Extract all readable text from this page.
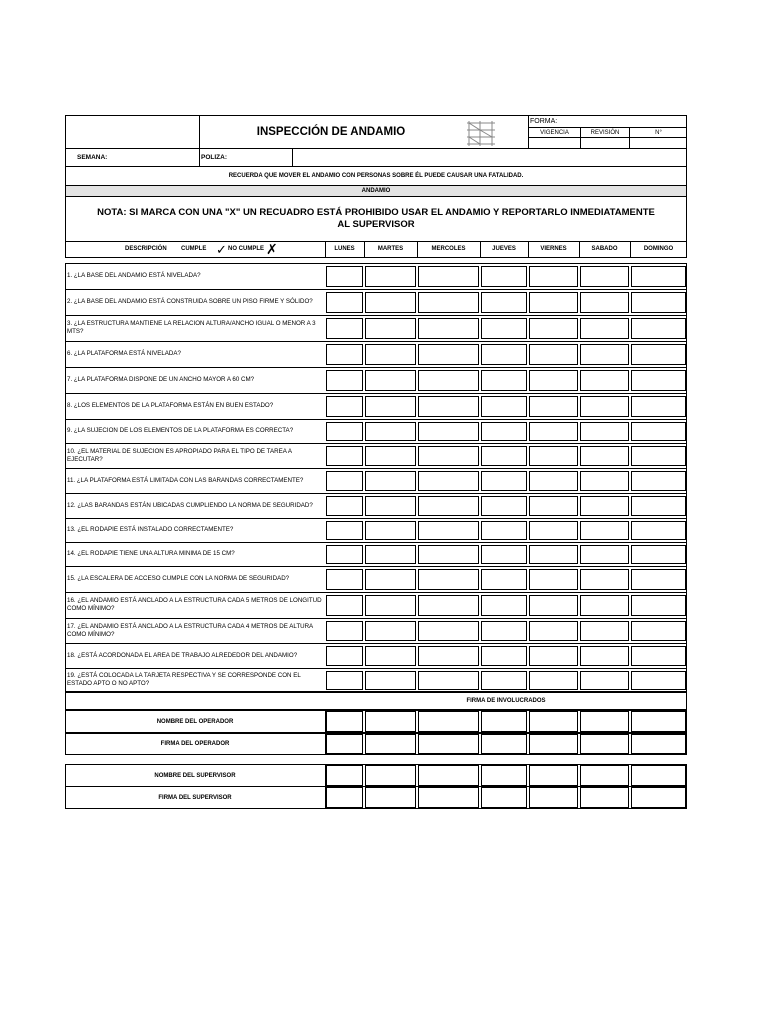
INSPECCIÓN DE ANDAMIO
FORMA:
VIGENCIA	REVISIÓN	N°
SEMANA:	POLIZA:
RECUERDA QUE MOVER EL ANDAMIO CON PERSONAS SOBRE ÉL PUEDE CAUSAR UNA FATALIDAD.
ANDAMIO
NOTA: SI MARCA CON UNA "X" UN RECUADRO ESTÁ PROHIBIDO USAR EL ANDAMIO Y REPORTARLO INMEDIATAMENTE AL SUPERVISOR
DESCRIPCIÓN CUMPLE ✓ NO CUMPLE ✗	LUNES	MARTES	MERCOLES	JUEVES	VIERNES	SABADO	DOMINGO
1. ¿LA BASE DEL ANDAMIO ESTÁ NIVELADA?
2. ¿LA BASE DEL ANDAMIO ESTÁ CONSTRUIDA SOBRE UN PISO FIRME Y SÓLIDO?
3. ¿LA ESTRUCTURA MANTIENE LA RELACION ALTURA/ANCHO IGUAL O MENOR A 3 MTS?
6. ¿LA PLATAFORMA ESTÁ NIVELADA?
7. ¿LA PLATAFORMA DISPONE DE UN ANCHO MAYOR A 60 CM?
8. ¿LOS ELEMENTOS DE LA PLATAFORMA ESTÁN EN BUEN ESTADO?
9. ¿LA SUJECION DE LOS ELEMENTOS DE LA PLATAFORMA ES CORRECTA?
10. ¿EL MATERIAL DE SUJECION ES APROPIADO PARA EL TIPO DE TAREA A EJECUTAR?
11. ¿LA PLATAFORMA ESTÁ LIMITADA CON LAS BARANDAS CORRECTAMENTE?
12. ¿LAS BARANDAS ESTÁN UBICADAS CUMPLIENDO LA NORMA DE SEGURIDAD?
13. ¿EL RODAPIE ESTÁ INSTALADO CORRECTAMENTE?
14. ¿EL RODAPIE TIENE UNA ALTURA MINIMA DE 15 CM?
15. ¿LA ESCALERA DE ACCESO CUMPLE CON LA NORMA DE SEGURIDAD?
16. ¿EL ANDAMIO ESTÁ ANCLADO A LA ESTRUCTURA CADA 5 METROS DE LONGITUD COMO MÍNIMO?
17. ¿EL ANDAMIO ESTÁ ANCLADO A LA ESTRUCTURA CADA 4 METROS DE ALTURA COMO MÍNIMO?
18. ¿ESTÁ ACORDONADA EL AREA DE TRABAJO ALREDEDOR DEL ANDAMIO?
19. ¿ESTÁ COLOCADA LA TARJETA RESPECTIVA Y SE CORRESPONDE CON EL ESTADO APTO O NO APTO?
FIRMA DE INVOLUCRADOS
NOMBRE DEL OPERADOR
FIRMA DEL OPERADOR
NOMBRE DEL SUPERVISOR
FIRMA DEL SUPERVISOR
